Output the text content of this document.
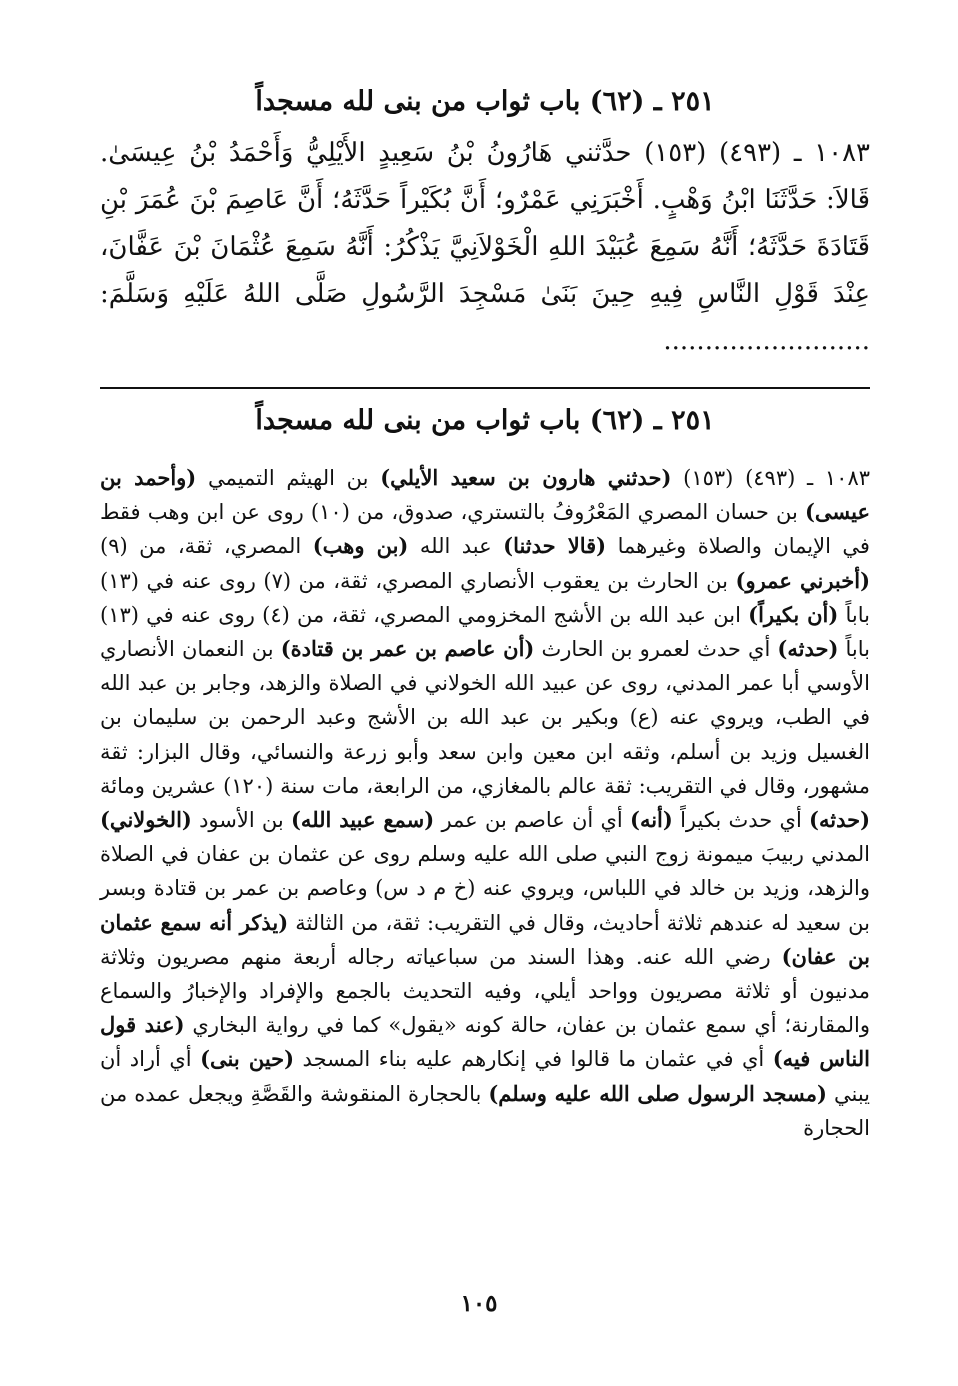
٢٥١ ـ (٦٢) باب ثواب من بنى لله مسجداً

١٠٨٣ ـ (٤٩٣) (١٥٣) حدَّثني هَارُونُ بْنُ سَعِيدٍ الأَيْلِيُّ وَأَحْمَدُ بْنُ عِيسَىٰ. قَالاَ: حَدَّثَنَا ابْنُ وَهْبٍ. أَخْبَرَنِي عَمْرٌو؛ أَنَّ بُكَيْراً حَدَّثَهُ؛ أَنَّ عَاصِمَ بْنَ عُمَرَ بْنِ قَتَادَةَ حَدَّثَهُ؛ أَنَّهُ سَمِعَ عُبَيْدَ اللهِ الْخَوْلاَنِيَّ يَذْكُرُ: أَنَّهُ سَمِعَ عُثْمَانَ بْنَ عَفَّانَ، عِنْدَ قَوْلِ النَّاسِ فِيهِ حِينَ بَنَىٰ مَسْجِدَ الرَّسُولِ صَلَّى اللهُ عَلَيْهِ وَسَلَّمَ: .........................

٢٥١ ـ (٦٢) باب ثواب من بنى لله مسجداً

١٠٨٣ ـ (٤٩٣) (١٥٣) (حدثني هارون بن سعيد الأيلي) بن الهيثم التميمي (وأحمد بن عيسى) بن حسان المصري المَعْرُوفُ بالتستري، صدوق، من (١٠) روى عن ابن وهب فقط في الإيمان والصلاة وغيرهما (قالا حدثنا) عبد الله (بن وهب) المصري، ثقة، من (٩) (أخبرني عمرو) بن الحارث بن يعقوب الأنصاري المصري، ثقة، من (٧) روى عنه في (١٣) باباً (أن بكيراً) ابن عبد الله بن الأشج المخزومي المصري، ثقة، من (٤) روى عنه في (١٣) باباً (حدثه) أي حدث لعمرو بن الحارث (أن عاصم بن عمر بن قتادة) بن النعمان الأنصاري الأوسي أبا عمر المدني، روى عن عبيد الله الخولاني في الصلاة والزهد، وجابر بن عبد الله في الطب، ويروي عنه (ع) وبكير بن عبد الله بن الأشج وعبد الرحمن بن سليمان بن الغسيل وزيد بن أسلم، وثقه ابن معين وابن سعد وأبو زرعة والنسائي، وقال البزار: ثقة مشهور، وقال في التقريب: ثقة عالم بالمغازي، من الرابعة، مات سنة (١٢٠) عشرين ومائة (حدثه) أي حدث بكيراً (أنه) أي أن عاصم بن عمر (سمع عبيد الله) بن الأسود (الخولاني) المدني ربيبَ ميمونة زوج النبي صلى الله عليه وسلم روى عن عثمان بن عفان في الصلاة والزهد، وزيد بن خالد في اللباس، ويروي عنه (خ م د س) وعاصم بن عمر بن قتادة وبسر بن سعيد له عندهم ثلاثة أحاديث، وقال في التقريب: ثقة، من الثالثة (يذكر أنه سمع عثمان بن عفان) رضي الله عنه. وهذا السند من سباعياته رجاله أربعة منهم مصريون وثلاثة مدنيون أو ثلاثة مصريون وواحد أيلي، وفيه التحديث بالجمع والإفراد والإخبارُ والسماع والمقارنة؛ أي سمع عثمان بن عفان، حالة كونه «يقول» كما في رواية البخاري (عند قول الناس فيه) أي في عثمان ما قالوا في إنكارهم عليه بناء المسجد (حين بنى) أي أراد أن يبني (مسجد الرسول صلى الله عليه وسلم) بالحجارة المنقوشة والقَصَّةِ ويجعل عمده من الحجارة

١٠٥
